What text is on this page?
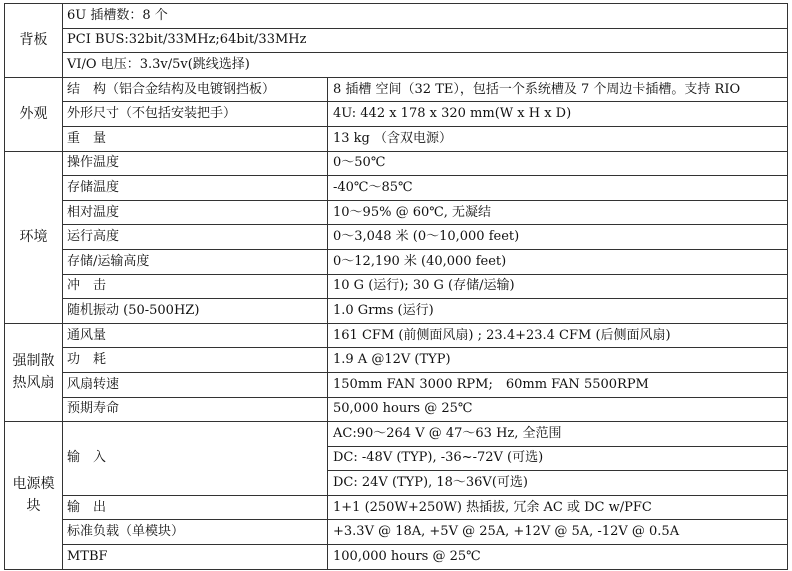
背板	6U 插槽数：8 个	
	PCI BUS:32bit/33MHz;64bit/33MHz	
	VI/O 电压：3.3v/5v(跳线选择)	
外观	结　构（铝合金结构及电镀钢挡板）	8 插槽 空间（32 TE），包括一个系统槽及 7 个周边卡插槽。支持 RIO
	外形尺寸（不包括安装把手）	4U: 442 x 178 x 320 mm(W x H x D)
	重　量	13 kg （含双电源）
环境	操作温度	0～50℃
	存储温度	-40℃～85℃
	相对温度	10～95% @ 60℃, 无凝结
	运行高度	0～3,048 米 (0～10,000 feet)
	存储/运输高度	0～12,190 米 (40,000 feet)
	冲　击	10 G (运行); 30 G (存储/运输)
	随机振动 (50-500HZ)	1.0 Grms (运行)
强制散热风扇	通风量	161 CFM (前侧面风扇) ; 23.4+23.4 CFM (后侧面风扇)
	功　耗	1.9 A @12V (TYP)
	风扇转速	150mm FAN 3000 RPM;　60mm FAN 5500RPM
	预期寿命	50,000 hours @ 25℃
电源模块	输　入	AC:90～264 V @ 47～63 Hz, 全范围
		DC: -48V (TYP), -36~-72V (可选)
		DC: 24V (TYP), 18～36V(可选)
	输　出	1+1 (250W+250W) 热插拔, 冗余 AC 或 DC w/PFC
	标准负载（单模块）	+3.3V @ 18A, +5V @ 25A, +12V @ 5A, -12V @ 0.5A
	MTBF	100,000 hours @ 25℃
